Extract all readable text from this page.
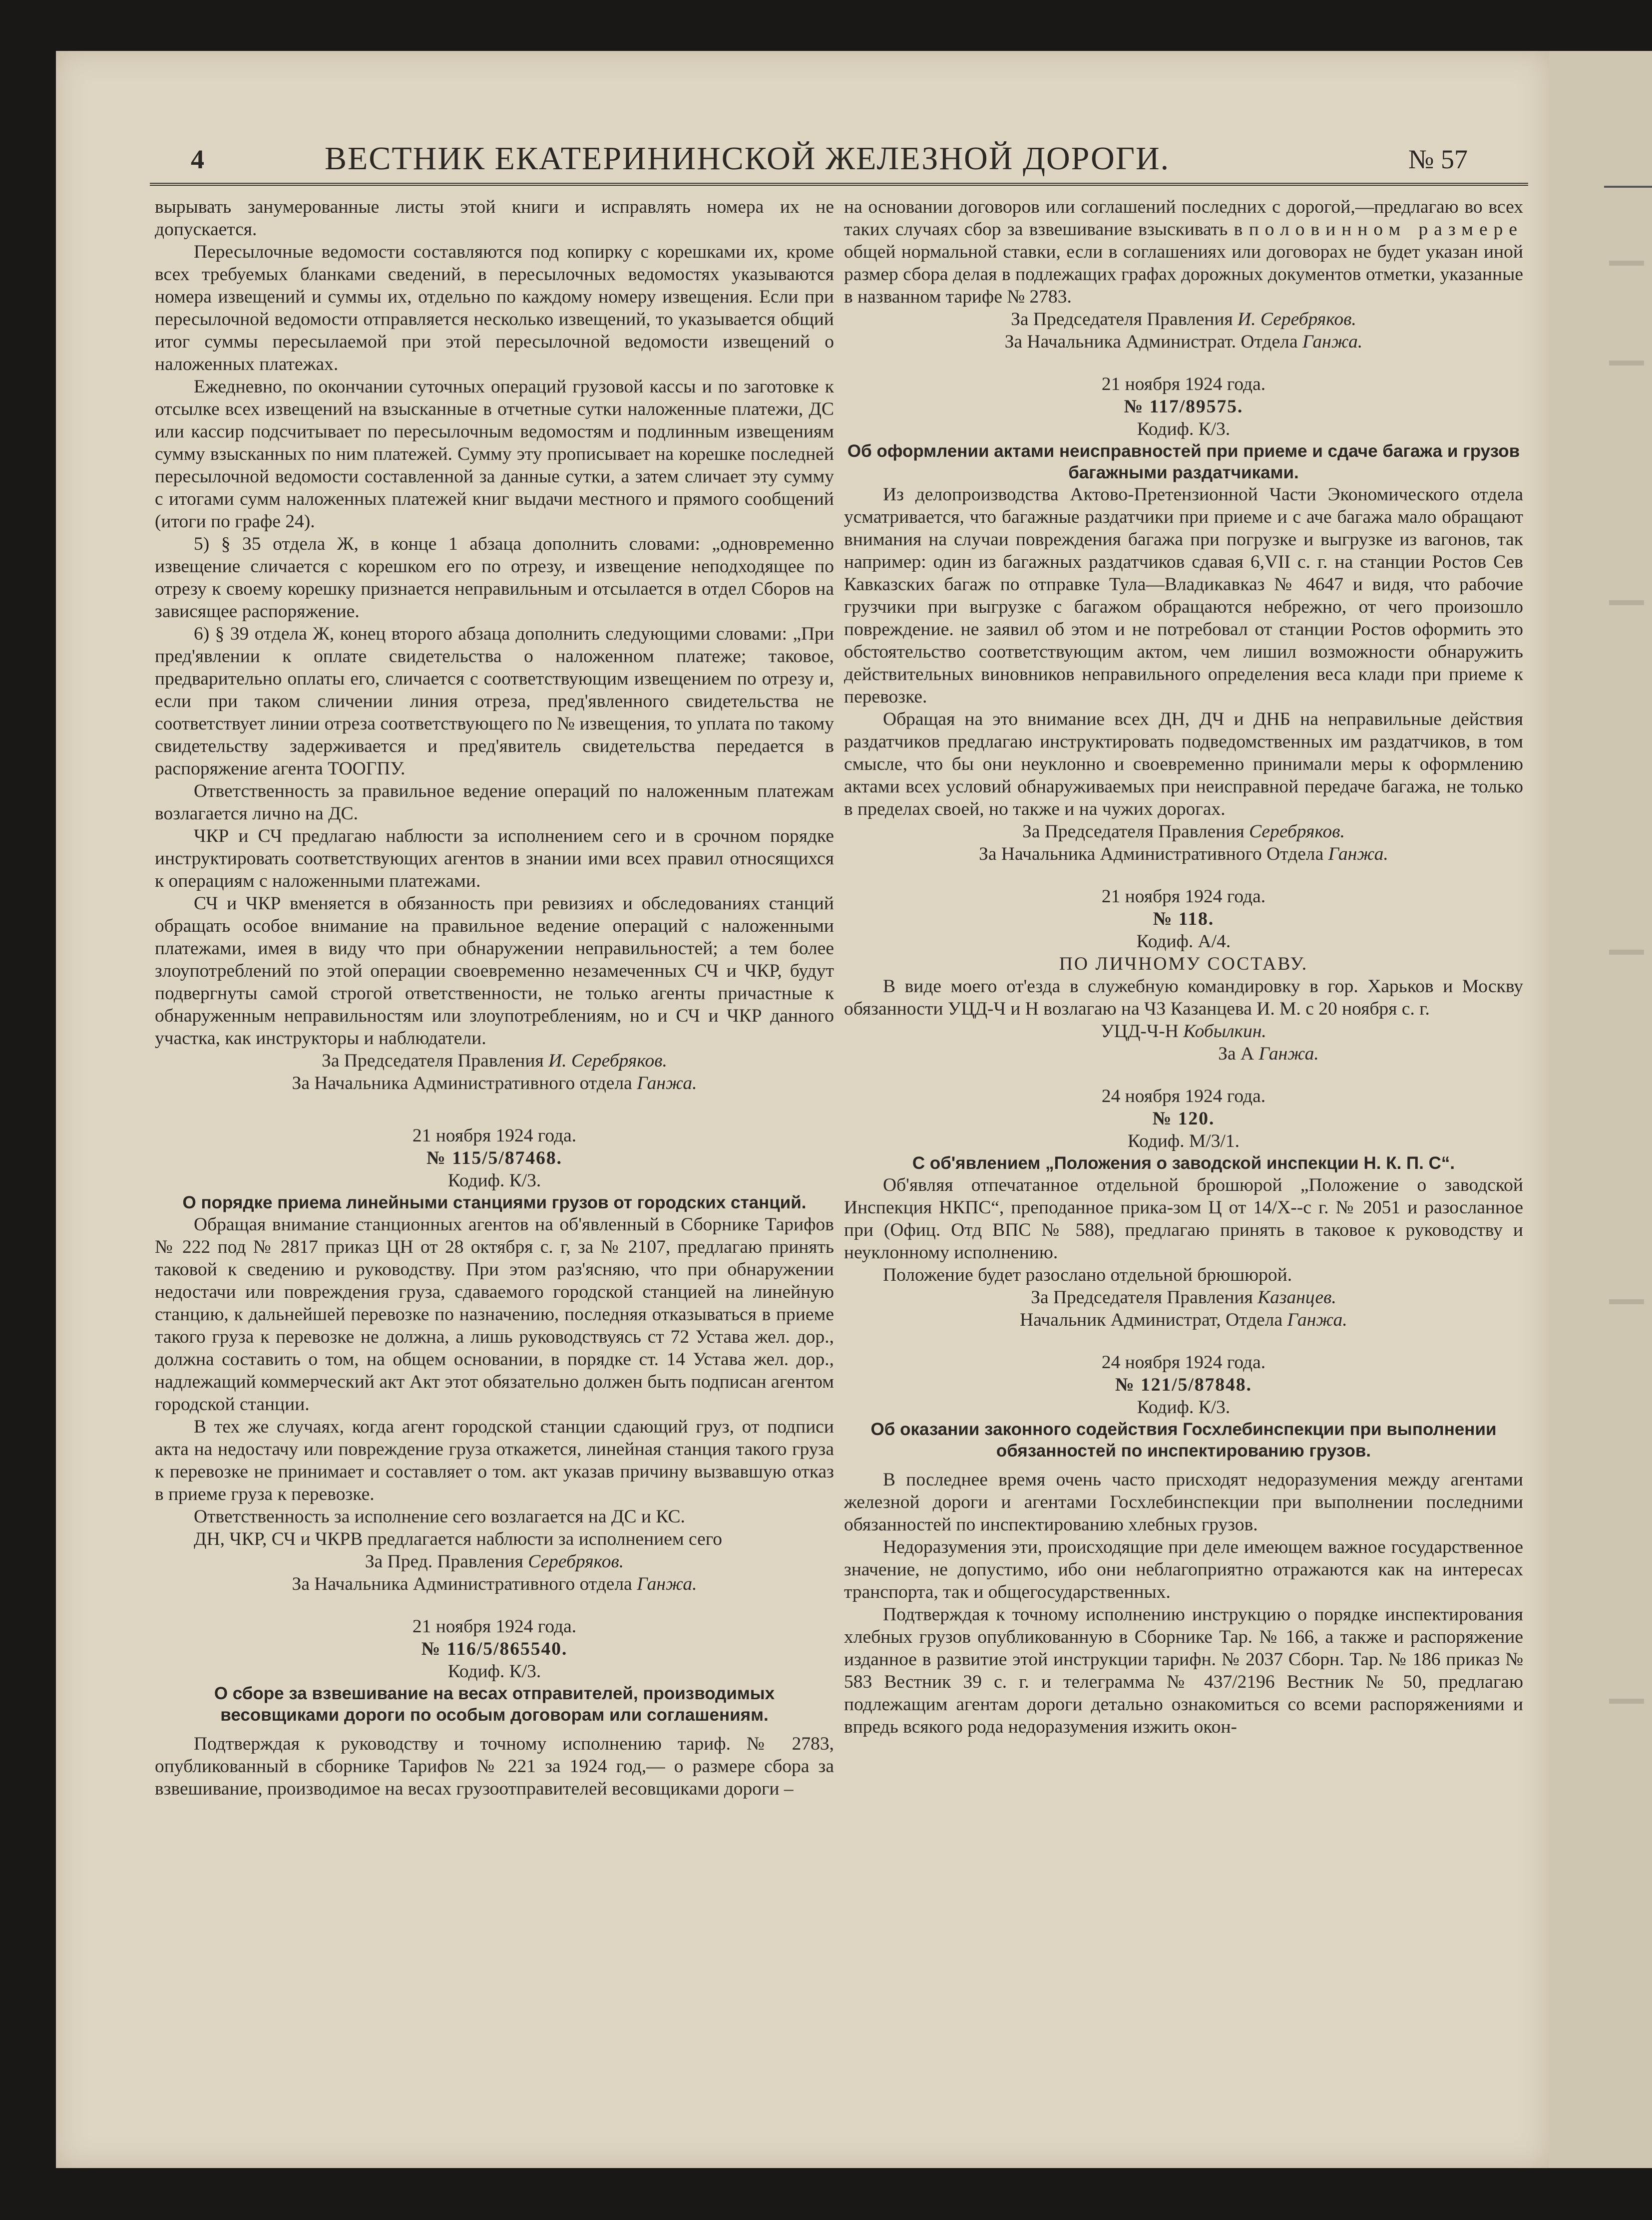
4	ВЕСТНИК ЕКАТЕРИНИНСКОЙ ЖЕЛЕЗНОЙ ДОРОГИ.	№ 57

вырывать занумерованные листы этой книги и исправлять номера их не допускается.

Пересылочные ведомости составляются под копирку с корешками их, кроме всех требуемых бланками сведений, в пересылочных ведомостях указываются номера извещений и суммы их, отдельно по каждому номеру извещения. Если при пересылочной ведомости отправляется несколько извещений, то указывается общий итог суммы пересылаемой при этой пересылочной ведомости извещений о наложенных платежах.

Ежедневно, по окончании суточных операций грузовой кассы и по заготовке к отсылке всех извещений на взысканные в отчетные сутки наложенные платежи, ДС или кассир подсчитывает по пересылочным ведомостям и подлинным извещениям сумму взысканных по ним платежей. Сумму эту прописывает на корешке последней пересылочной ведомости составленной за данные сутки, а затем сличает эту сумму с итогами сумм наложенных платежей книг выдачи местного и прямого сообщений (итоги по графе 24).

5) § 35 отдела Ж, в конце 1 абзаца дополнить словами: „одновременно извещение сличается с корешком его по отрезу, и извещение неподходящее по отрезу к своему корешку признается неправильным и отсылается в отдел Сборов на зависящее распоряжение.

6) § 39 отдела Ж, конец второго абзаца дополнить следующими словами: „При пред'явлении к оплате свидетельства о наложенном платеже; таковое, предварительно оплаты его, сличается с соответствующим извещением по отрезу и, если при таком сличении линия отреза, пред'явленного свидетельства не соответствует линии отреза соответствующего по № извещения, то уплата по такому свидетельству задерживается и пред'явитель свидетельства передается в распоряжение агента ТООГПУ.

Ответственность за правильное ведение операций по наложенным платежам возлагается лично на ДС.

ЧКР и СЧ предлагаю наблюсти за исполнением сего и в срочном порядке инструктировать соответствующих агентов в знании ими всех правил относящихся к операциям с наложенными платежами.

СЧ и ЧКР вменяется в обязанность при ревизиях и обследованиях станций обращать особое внимание на правильное ведение операций с наложенными платежами, имея в виду что при обнаружении неправильностей; а тем более злоупотреблений по этой операции своевременно незамеченных СЧ и ЧКР, будут подвергнуты самой строгой ответственности, не только агенты причастные к обнаруженным неправильностям или злоупотреблениям, но и СЧ и ЧКР данного участка, как инструкторы и наблюдатели.

За Председателя Правления И. Серебряков.
За Начальника Административного отдела Ганжа.
21 ноября 1924 года.
№ 115/5/87468.
Кодиф. К/3.
О порядке приема линейными станциями грузов от городских станций.

Обращая внимание станционных агентов на об'явленный в Сборнике Тарифов № 222 под № 2817 приказ ЦН от 28 октября с. г, за № 2107, предлагаю принять таковой к сведению и руководству. При этом раз'ясняю, что при обнаружении недостачи или повреждения груза, сдаваемого городской станцией на линейную станцию, к дальнейшей перевозке по назначению, последняя отказываться в приеме такого груза к перевозке не должна, а лишь руководствуясь ст 72 Устава жел. дор., должна составить о том, на общем основании, в порядке ст. 14 Устава жел. дор., надлежащий коммерческий акт Акт этот обязательно должен быть подписан агентом городской станции.

В тех же случаях, когда агент городской станции сдающий груз, от подписи акта на недостачу или повреждение груза откажется, линейная станция такого груза к перевозке не принимает и составляет о том. акт указав причину вызвавшую отказ в приеме груза к перевозке.

Ответственность за исполнение сего возлагается на ДС и КС.

ДН, ЧКР, СЧ и ЧКРВ предлагается наблюсти за исполнением сего

За Пред. Правления Серебряков.
За Начальника Административного отдела Ганжа.
21 ноября 1924 года.
№ 116/5/865540.
Кодиф. К/3.
О сборе за взвешивание на весах отправителей, производимых весовщиками дороги по особым договорам или соглашениям.

Подтверждая к руководству и точному исполнению тариф. № 2783, опубликованный в сборнике Тарифов № 221 за 1924 год,— о размере сбора за взвешивание, производимое на весах грузоотправителей весовщиками дороги –

на основании договоров или соглашений последних с дорогой,—предлагаю во всех таких случаях сбор за взвешивание взыскивать в половинном размере общей нормальной ставки, если в соглашениях или договорах не будет указан иной размер сбора делая в подлежащих графах дорожных документов отметки, указанные в названном тарифе № 2783.

За Председателя Правления И. Серебряков.
За Начальника Администрат. Отдела Ганжа.
21 ноября 1924 года.
№ 117/89575.
Кодиф. К/3.
Об оформлении актами неисправностей при приеме и сдаче багажа и грузов багажными раздатчиками.

Из делопроизводства Актово-Претензионной Части Экономического отдела усматривается, что багажные раздатчики при приеме и с аче багажа мало обращают внимания на случаи повреждения багажа при погрузке и выгрузке из вагонов, так например: один из багажных раздатчиков сдавая 6,VII с. г. на станции Ростов Сев Кавказских багаж по отправке Тула—Владикавказ № 4647 и видя, что рабочие грузчики при выгрузке с багажом обращаются небрежно, от чего произошло повреждение. не заявил об этом и не потребовал от станции Ростов оформить это обстоятельство соответствующим актом, чем лишил возможности обнаружить действительных виновников неправильного определения веса клади при приеме к перевозке.

Обращая на это внимание всех ДН, ДЧ и ДНБ на неправильные действия раздатчиков предлагаю инструктировать подведомственных им раздатчиков, в том смысле, что бы они неуклонно и своевременно принимали меры к оформлению актами всех условий обнаруживаемых при неисправной передаче багажа, не только в пределах своей, но также и на чужих дорогах.

За Председателя Правления Серебряков.
За Начальника Административного Отдела Ганжа.
21 ноября 1924 года.
№ 118.
Кодиф. А/4.
ПО ЛИЧНОМУ СОСТАВУ.

В виде моего от'езда в служебную командировку в гор. Харьков и Москву обязанности УЦД-Ч и Н возлагаю на ЧЗ Казанцева И. М. с 20 ноября с. г.

УЦД-Ч-Н Кобылкин.
За А Ганжа.
24 ноября 1924 года.
№ 120.
Кодиф. М/3/1.
С об'явлением „Положения о заводской инспекции Н. К. П. С“.

Об'являя отпечатанное отдельной брошюрой „Положение о заводской Инспекция НКПС“, преподанное прика-зом Ц от 14/X--с г. № 2051 и разосланное при (Офиц. Отд ВПС № 588), предлагаю принять в таковое к руководству и неуклонному исполнению.

Положение будет разослано отдельной брюшюрой.

За Председателя Правления Казанцев.
Начальник Администрат, Отдела Ганжа.
24 ноября 1924 года.
№ 121/5/87848.
Кодиф. К/3.
Об оказании законного содействия Госхлебинспекции при выполнении обязанностей по инспектированию грузов.

В последнее время очень часто присходят недоразумения между агентами железной дороги и агентами Госхлебинспекции при выполнении последними обязанностей по инспектированию хлебных грузов.

Недоразумения эти, происходящие при деле имеющем важное государственное значение, не допустимо, ибо они неблагоприятно отражаются как на интересах транспорта, так и общегосударственных.

Подтверждая к точному исполнению инструкцию о порядке инспектирования хлебных грузов опубликованную в Сборнике Тар. № 166, а также и распоряжение изданное в развитие этой инструкции тарифн. № 2037 Сборн. Тар. № 186 приказ № 583 Вестник 39 с. г. и телеграмма № 437/2196 Вестник № 50, предлагаю подлежащим агентам дороги детально ознакомиться со всеми распоряжениями и впредь всякого рода недоразумения изжить окон-
